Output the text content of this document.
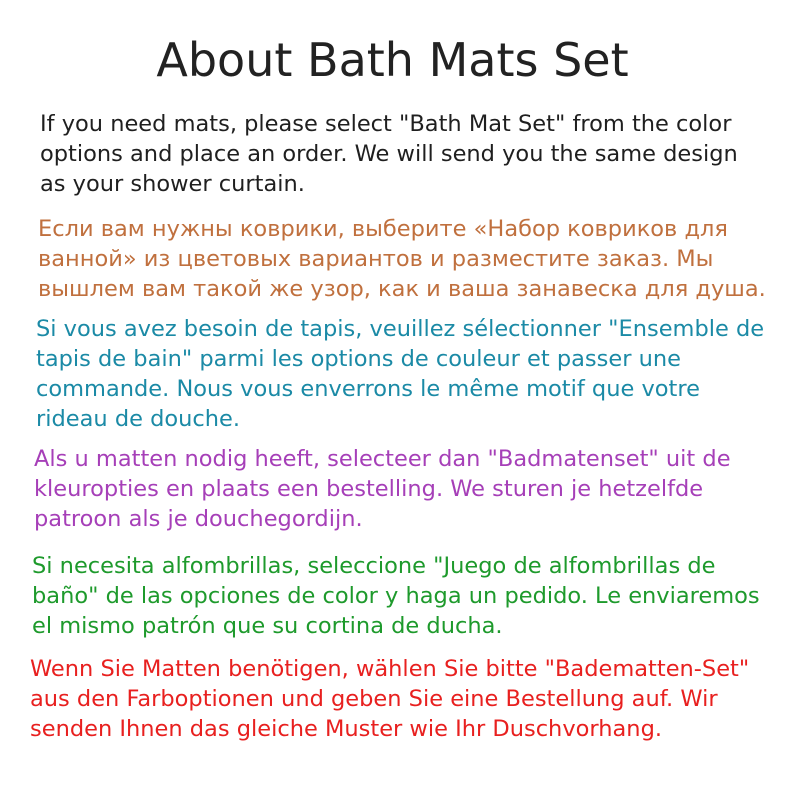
About Bath Mats Set
If you need mats, please select "Bath Mat Set" from the color
options and place an order. We will send you the same design
as your shower curtain.
Если вам нужны коврики, выберите «Набор ковриков для
ванной» из цветовых вариантов и разместите заказ. Мы
вышлем вам такой же узор, как и ваша занавеска для душа.
Si vous avez besoin de tapis, veuillez sélectionner "Ensemble de
tapis de bain" parmi les options de couleur et passer une
commande. Nous vous enverrons le même motif que votre
rideau de douche.
Als u matten nodig heeft, selecteer dan "Badmatenset" uit de
kleuropties en plaats een bestelling. We sturen je hetzelfde
patroon als je douchegordijn.
Si necesita alfombrillas, seleccione "Juego de alfombrillas de
baño" de las opciones de color y haga un pedido. Le enviaremos
el mismo patrón que su cortina de ducha.
Wenn Sie Matten benötigen, wählen Sie bitte "Badematten-Set"
aus den Farboptionen und geben Sie eine Bestellung auf. Wir
senden Ihnen das gleiche Muster wie Ihr Duschvorhang.
